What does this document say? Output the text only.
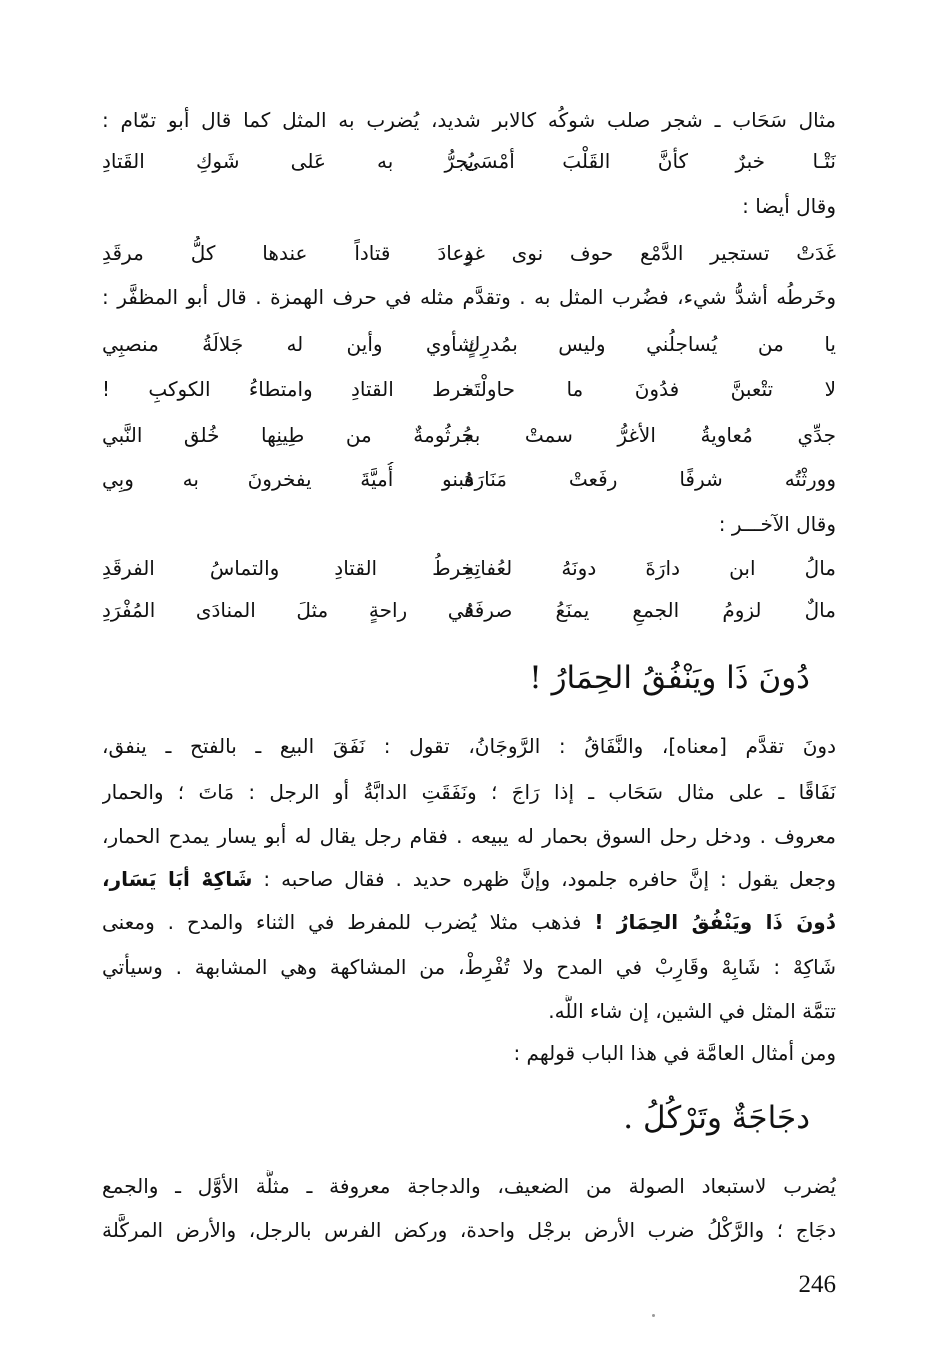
مثال سَحَاب ـ شجر صلب شوكُه كالابر شديد، يُضرب به المثل كما قال أبو تمّام :
نَتْـا خبرٌ كأنَّ القَلْبَ أمْسَى
يُجرُّ به عَلى شَوكِ القَتادِ
وقال أيضا :
غَدَتْ تستجير الدَّمْع حوف نوى غدٍ
وعادَ قتاداً عندها كلُّ مرقَدِ
وخَرطُه أشدُّ شيء، فضُرب المثل به . وتقدَّم مثله في حرف الهمزة . قال أبو المظفَّر :
يا من يُساجلُني وليس بمُدرِكٍ
شأوي وأين له جَلالَةُ منصبِي
لا تتْعبنَّ فدُونَ ما حاولْتَه
خرط القتادِ وامتطاءُ الكوكبِ !
جدِّي مُعاويةُ الأغرُّ سمتْ به
جُرثُومةٌ من طِينِها خُلق النَّبي
وورثْتُه شرفًا رفَعتْ مَنَارَهُ
فبنو أُميَّةَ يفخرونَ به وبِي
وقال الآخـــر :
مالُ ابن دارَةَ دونَهُ لعُفاتِهِ
خرطُ القتادِ والتماسُ الفرقَدِ
مالٌ لزومُ الجمعِ يمنَعُ صرفَهُ
في راحةٍ مثلَ المنادَى المُفْرَدِ
دُونَ ذَا ويَنْفُقُ الحِمَارُ !
دونَ تقدَّم [معناه]، والنَّفَاقُ : الرَّوجَانُ، تقول : نَفَقَ البيع ـ بالفتح ـ ينفق،
نَفَاقًا ـ على مثال سَحَاب ـ إذا رَاجَ ؛ ونَفَقَتِ الدابَّةُ أو الرجل : مَاتَ ؛ والحمار
معروف . ودخل رحل السوق بحمار له يبيعه . فقام رجل يقال له أبو يسار يمدح الحمار،
وجعل يقول : إنَّ حافره جلمود، وإنَّ ظهره حديد . فقال صاحبه : شَاكِهْ أبَا يَسَار،
دُونَ ذَا ويَنْفُقُ الحِمَارُ ! فذهب مثلا يُضرب للمفرط في الثناء والمدح . ومعنى
شَاكِهْ : شَابِهْ وقَارِبْ في المدح ولا تُفْرِطْ، من المشاكهة وهي المشابهة . وسيأتي
تتمَّة المثل في الشين، إن شاء اللَّه.
ومن أمثال العامَّة في هذا الباب قولهم :
دجَاجَةٌ وتَرْكُلُ .
يُضرب لاستبعاد الصولة من الضعيف، والدجاجة معروفة ـ مثلَّة الأوَّل ـ والجمع
دجَاج ؛ والرَّكْلُ ضرب الأرض برجْل واحدة، وركض الفرس بالرجل، والأرض المركَّلة
246
